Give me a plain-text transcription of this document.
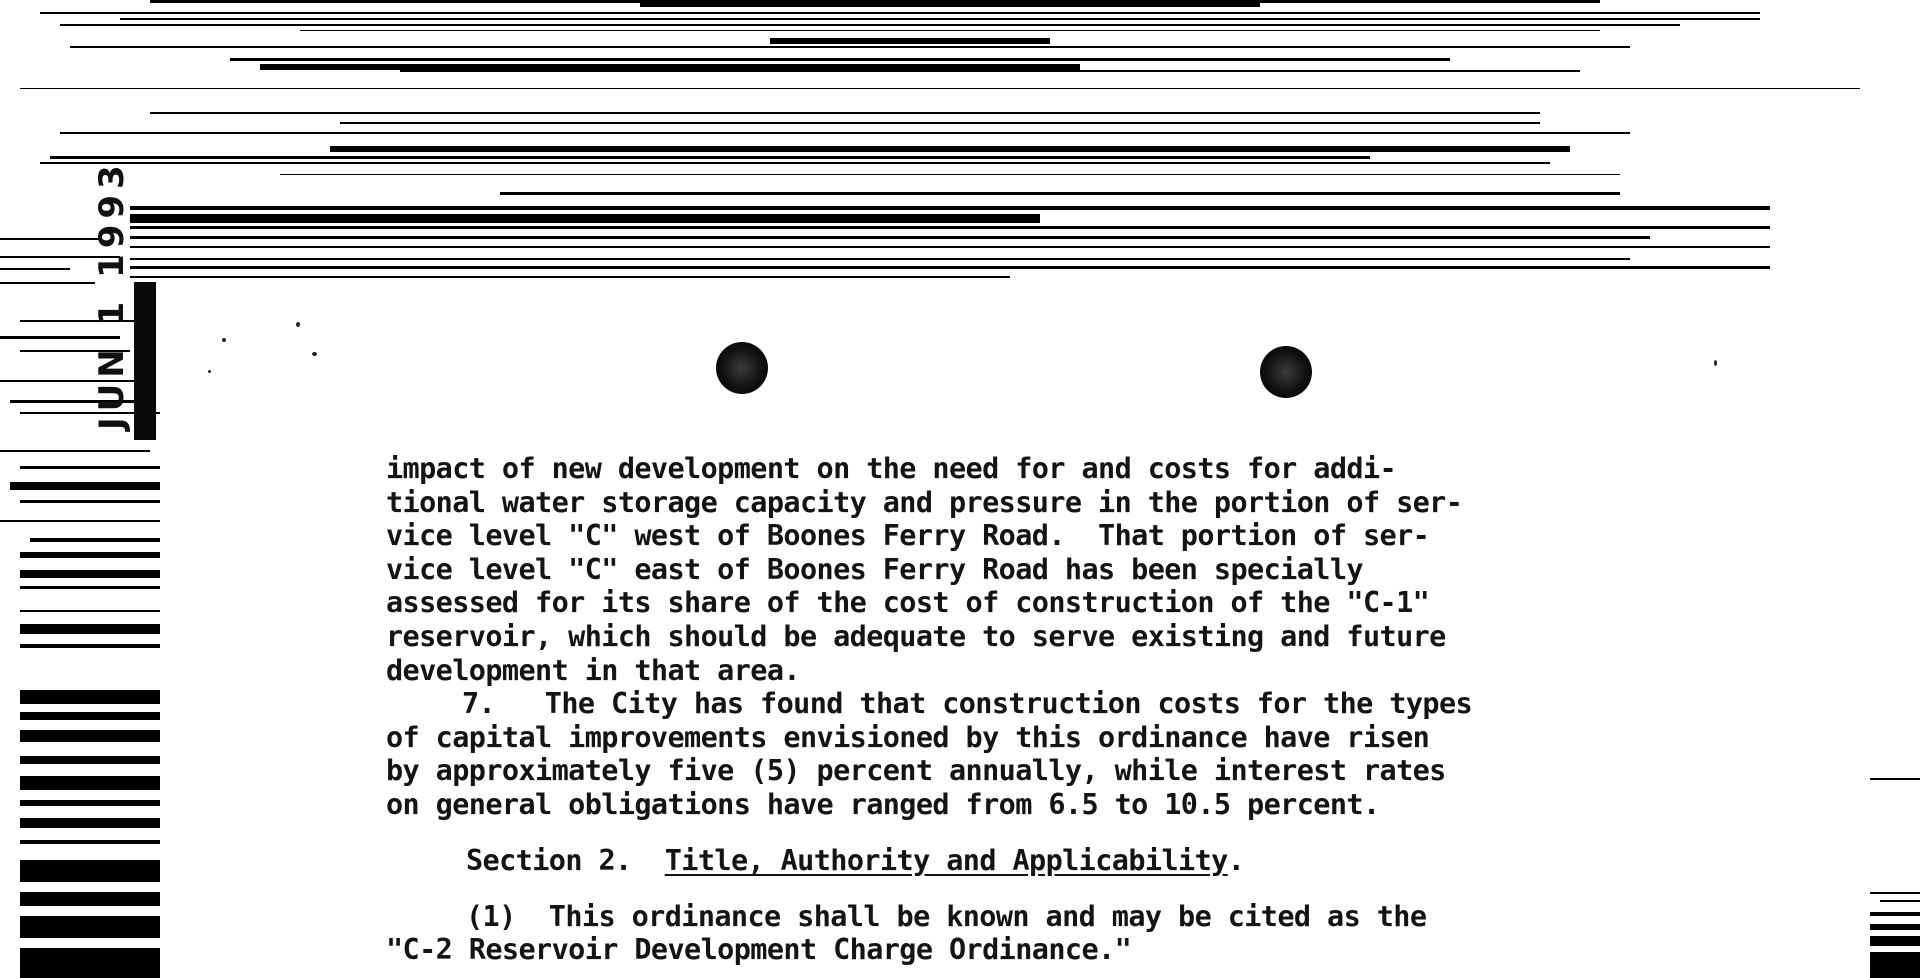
JUN 1 1993
impact of new development on the need for and costs for addi-
tional water storage capacity and pressure in the portion of ser-
vice level "C" west of Boones Ferry Road.  That portion of ser-
vice level "C" east of Boones Ferry Road has been specially
assessed for its share of the cost of construction of the "C-1"
reservoir, which should be adequate to serve existing and future
development in that area.
7.   The City has found that construction costs for the types
of capital improvements envisioned by this ordinance have risen
by approximately five (5) percent annually, while interest rates
on general obligations have ranged from 6.5 to 10.5 percent.
Section 2. Title, Authority and Applicability.
(1)  This ordinance shall be known and may be cited as the
"C-2 Reservoir Development Charge Ordinance."
